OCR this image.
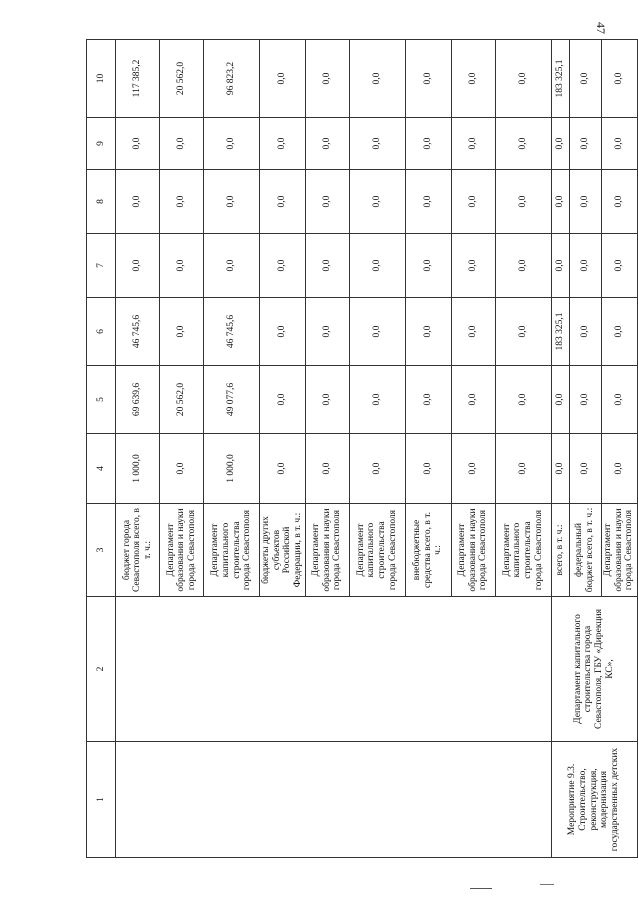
47
1	2	3	4	5	6	7	8	9	10
		бюджет города Севастополя всего, в т. ч.:	1 000,0	69 639,6	46 745,6	0,0	0,0	0,0	117 385,2
		Департамент образования и науки города Севастополя	0,0	20 562,0	0,0	0,0	0,0	0,0	20 562,0
		Департамент капитального строительства города Севастополя	1 000,0	49 077,6	46 745,6	0,0	0,0	0,0	96 823,2
		бюджеты других субъектов Российской Федерации, в т. ч.:	0,0	0,0	0,0	0,0	0,0	0,0	0,0
		Департамент образования и науки города Севастополя	0,0	0,0	0,0	0,0	0,0	0,0	0,0
		Департамент капитального строительства города Севастополя	0,0	0,0	0,0	0,0	0,0	0,0	0,0
		внебюджетные средства всего, в т. ч.:	0,0	0,0	0,0	0,0	0,0	0,0	0,0
		Департамент образования и науки города Севастополя	0,0	0,0	0,0	0,0	0,0	0,0	0,0
		Департамент капитального строительства города Севастополя	0,0	0,0	0,0	0,0	0,0	0,0	0,0
Мероприятие 9.3. Строительство, реконструкция, модернизация государственных детских	Департамент капитального строительства города Севастополя, ГБУ «Дирекция КС»,	всего, в т. ч.:	0,0	0,0	183 325,1	0,0	0,0	0,0	183 325,1
		федеральный бюджет всего, в т. ч.:	0,0	0,0	0,0	0,0	0,0	0,0	0,0
		Департамент образования и науки города Севастополя	0,0	0,0	0,0	0,0	0,0	0,0	0,0
